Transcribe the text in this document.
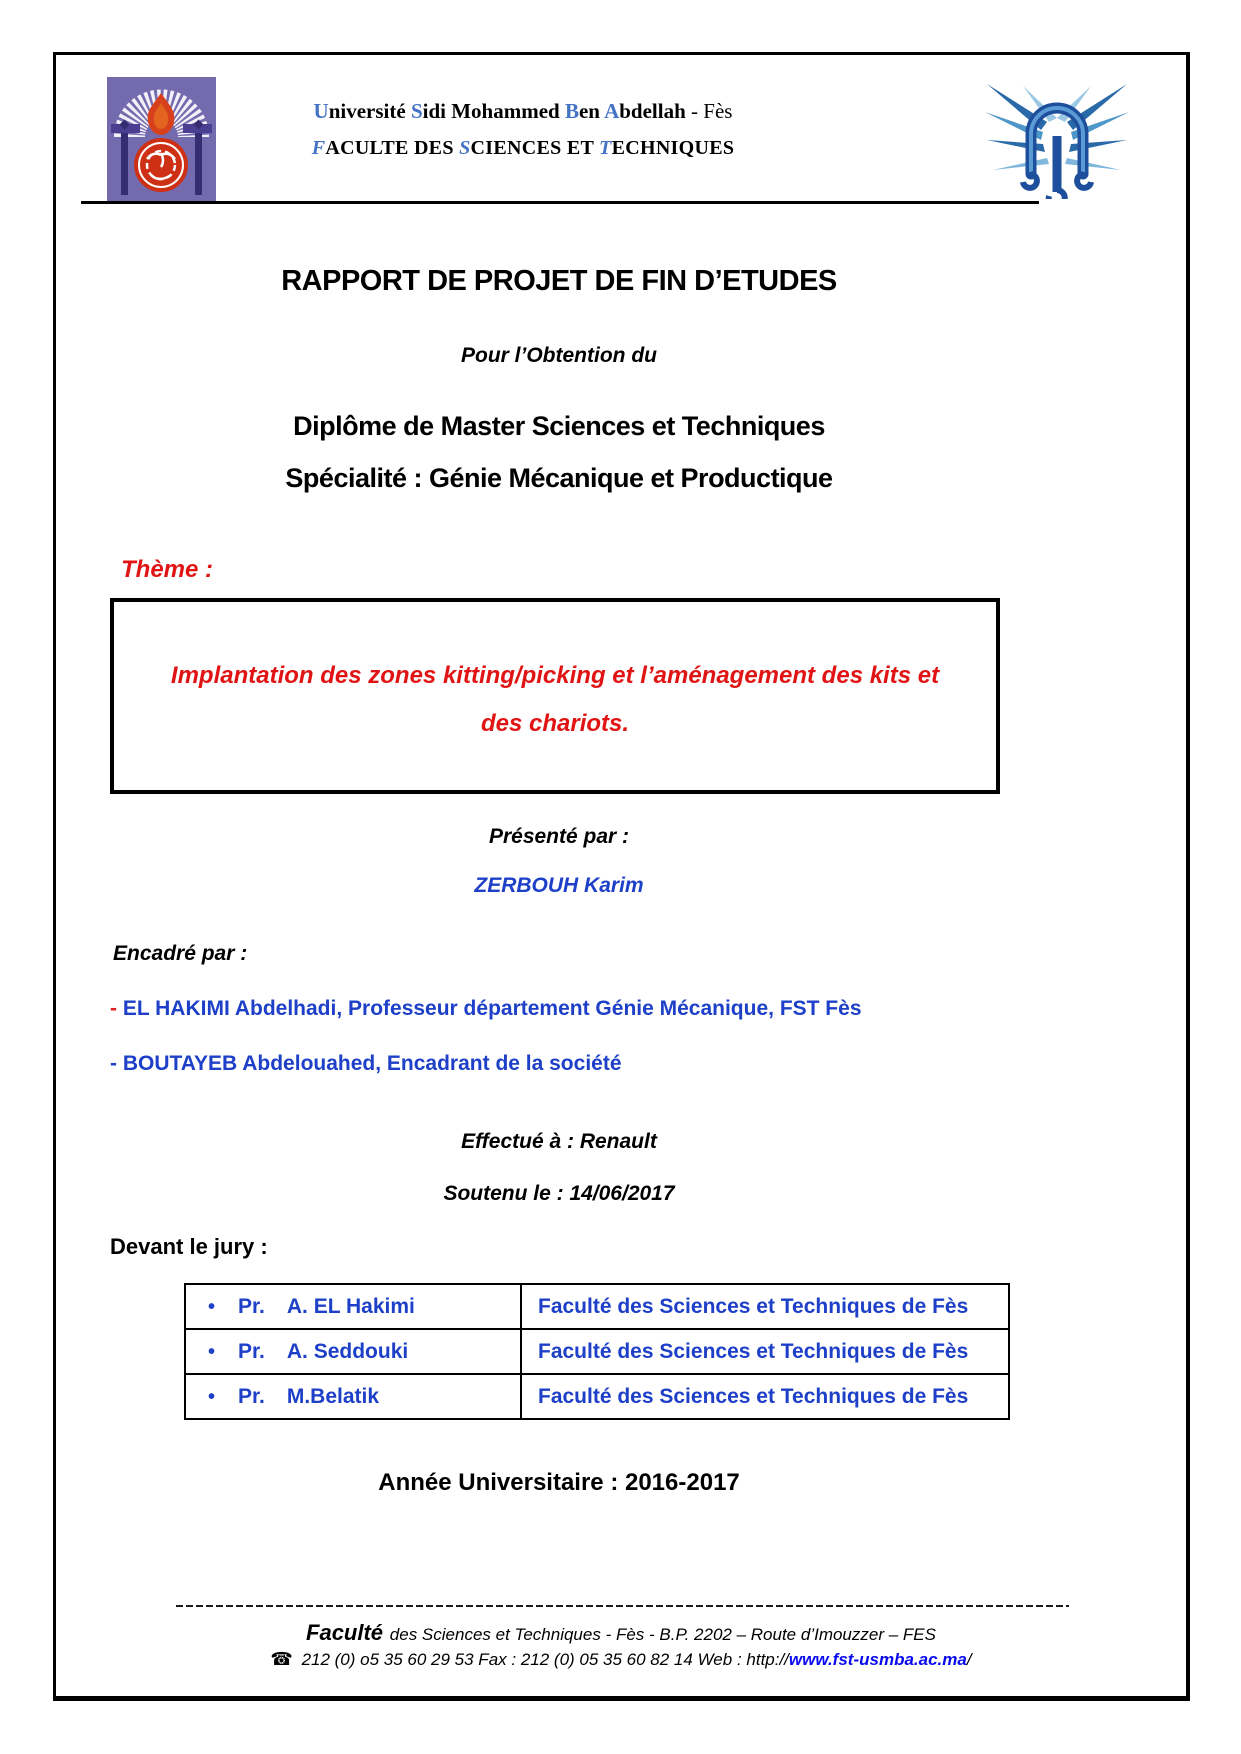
Université Sidi Mohammed Ben Abdellah - Fès
FACULTE DES SCIENCES ET TECHNIQUES
RAPPORT DE PROJET DE FIN D’ETUDES
Pour l’Obtention du
Diplôme de Master Sciences et Techniques
Spécialité : Génie Mécanique et Productique
Thème :
Implantation des zones kitting/picking et l’aménagement des kits et
des chariots.
Présenté par :
ZERBOUH Karim
Encadré par :
- EL HAKIMI Abdelhadi, Professeur département Génie Mécanique, FST Fès
- BOUTAYEB Abdelouahed, Encadrant de la société
Effectué à : Renault
Soutenu le : 14/06/2017
Devant le jury :
• Pr. A. EL Hakimi	Faculté des Sciences et Techniques de Fès
• Pr. A. Seddouki	Faculté des Sciences et Techniques de Fès
• Pr. M.Belatik	Faculté des Sciences et Techniques de Fès
Année Universitaire : 2016-2017
Faculté des Sciences et Techniques - Fès - B.P. 2202 – Route d’Imouzzer – FES
☎ 212 (0) o5 35 60 29 53 Fax : 212 (0) 05 35 60 82 14 Web : http://www.fst-usmba.ac.ma/
